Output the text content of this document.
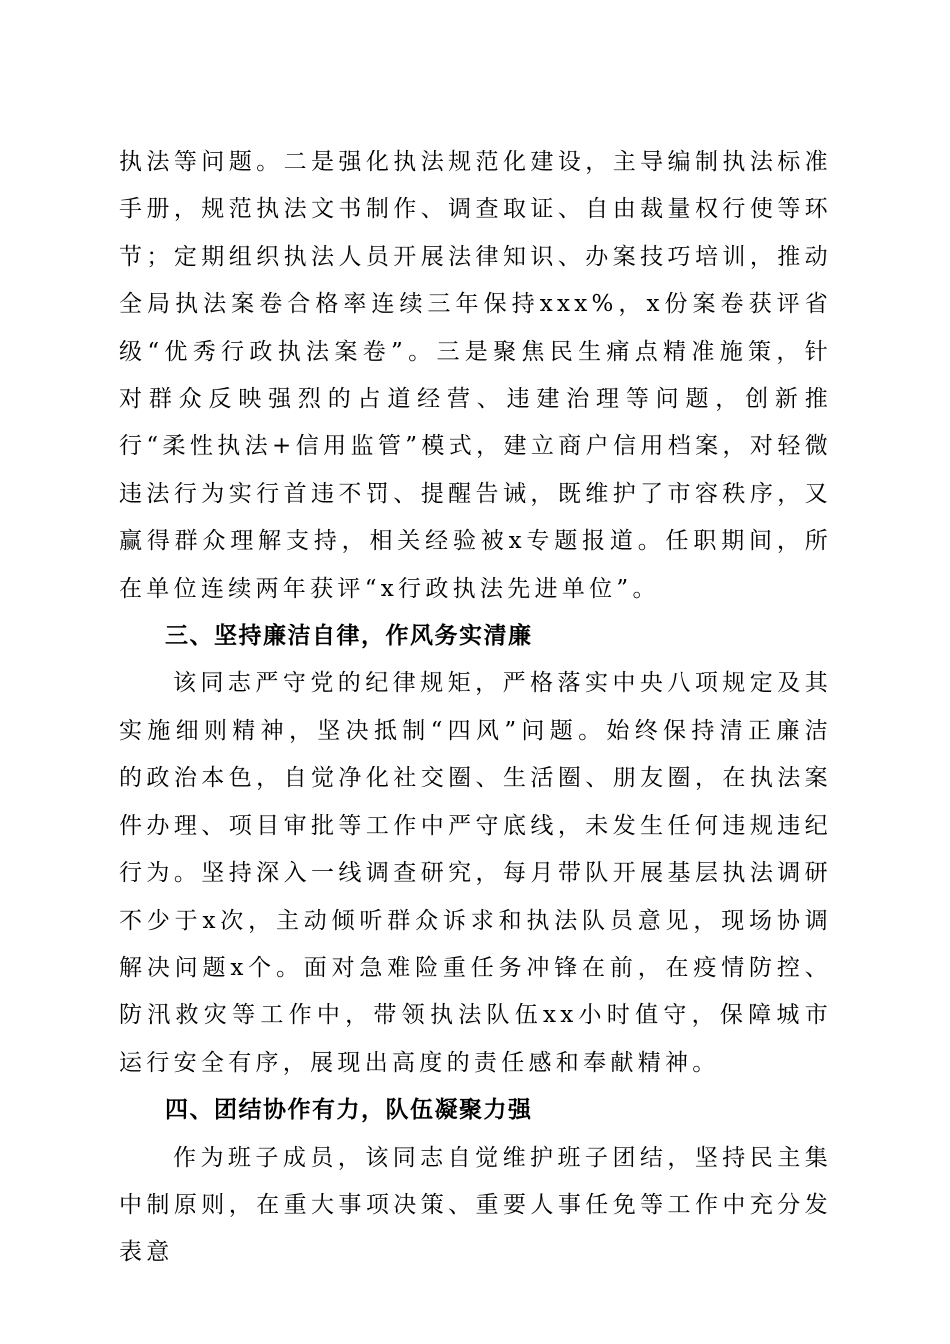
执法等问题。二是强化执法规范化建设，主导编制执法标准手册，规范执法文书制作、调查取证、自由裁量权行使等环节；定期组织执法人员开展法律知识、办案技巧培训，推动全局执法案卷合格率连续三年保持xxx%，x份案卷获评省级“优秀行政执法案卷”。三是聚焦民生痛点精准施策，针对群众反映强烈的占道经营、违建治理等问题，创新推行“柔性执法+信用监管”模式，建立商户信用档案，对轻微违法行为实行首违不罚、提醒告诫，既维护了市容秩序，又赢得群众理解支持，相关经验被x专题报道。任职期间，所在单位连续两年获评“x行政执法先进单位”。

三、坚持廉洁自律，作风务实清廉

该同志严守党的纪律规矩，严格落实中央八项规定及其实施细则精神，坚决抵制“四风”问题。始终保持清正廉洁的政治本色，自觉净化社交圈、生活圈、朋友圈，在执法案件办理、项目审批等工作中严守底线，未发生任何违规违纪行为。坚持深入一线调查研究，每月带队开展基层执法调研不少于x次，主动倾听群众诉求和执法队员意见，现场协调解决问题x个。面对急难险重任务冲锋在前，在疫情防控、防汛救灾等工作中，带领执法队伍xx小时值守，保障城市运行安全有序，展现出高度的责任感和奉献精神。

四、团结协作有力，队伍凝聚力强

作为班子成员，该同志自觉维护班子团结，坚持民主集中制原则，在重大事项决策、重要人事任免等工作中充分发表意
